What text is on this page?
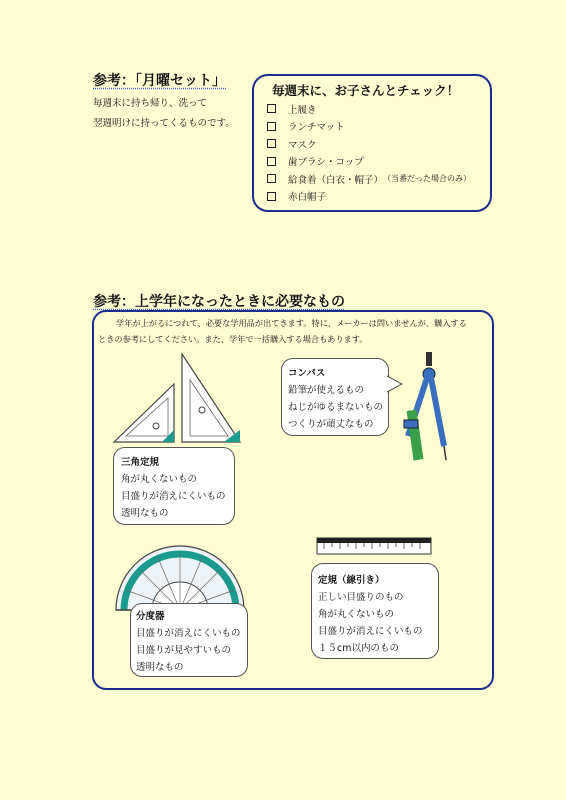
参考：「月曜セット」
毎週末に持ち帰り、洗って
翌週明けに持ってくるものです。
毎週末に、お子さんとチェック！
上履き
ランチマット
マスク
歯ブラシ・コップ
給食着（白衣・帽子） （当番だった場合のみ）
赤白帽子
参考：上学年になったときに必要なもの
学年が上がるにつれて、必要な学用品が出てきます。特に、メーカーは問いませんが、購入する
ときの参考にしてください。また、学年で一括購入する場合もあります。
コンパス
鉛筆が使えるもの
ねじがゆるまないもの
つくりが頑丈なもの
三角定規
角が丸くないもの
目盛りが消えにくいもの
透明なもの
分度器
目盛りが消えにくいもの
目盛りが見やすいもの
透明なもの
定規（線引き）
正しい目盛りのもの
角が丸くないもの
目盛りが消えにくいもの
１５cm以内のもの
